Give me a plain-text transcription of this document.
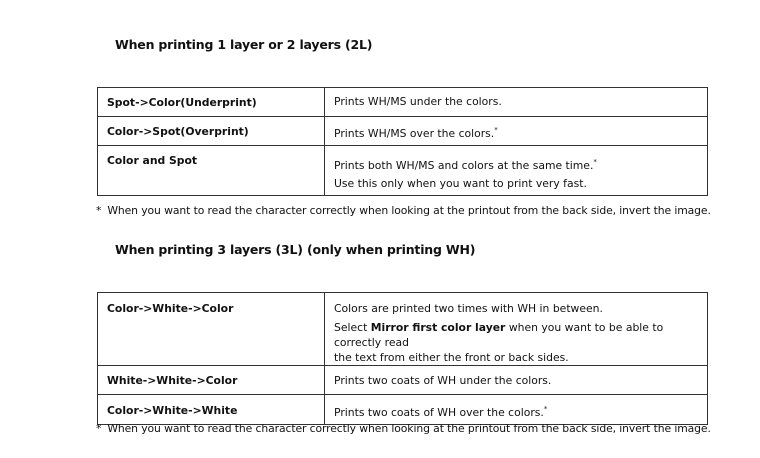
When printing 1 layer or 2 layers (2L)
Spot->Color(Underprint)	Prints WH/MS under the colors.
Color->Spot(Overprint)	Prints WH/MS over the colors.*
Color and Spot	Prints both WH/MS and colors at the same time.*
Use this only when you want to print very fast.
* When you want to read the character correctly when looking at the printout from the back side, invert the image.
When printing 3 layers (3L) (only when printing WH)
Color->White->Color	Colors are printed two times with WH in between.
Select Mirror first color layer when you want to be able to correctly read
the text from either the front or back sides.

White->White->Color	Prints two coats of WH under the colors.
Color->White->White	Prints two coats of WH over the colors.*
* When you want to read the character correctly when looking at the printout from the back side, invert the image.
